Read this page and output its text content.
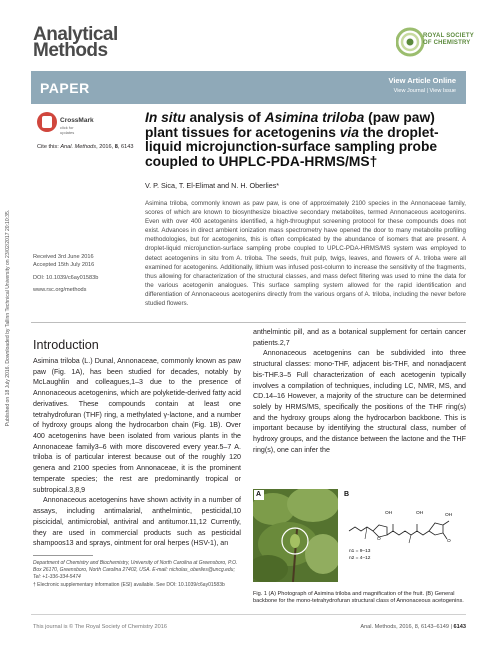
Analytical
Methods
ROYAL SOCIETY
OF CHEMISTRY
PAPER	View Article Online
View Journal | View Issue
CrossMark
click for updates
Cite this: Anal. Methods, 2016, 8, 6143
In situ analysis of Asimina triloba (paw paw) plant tissues for acetogenins via the droplet-liquid microjunction-surface sampling probe coupled to UHPLC-PDA-HRMS/MS†
V. P. Sica, T. El-Elimat and N. H. Oberlies*
Asimina triloba, commonly known as paw paw, is one of approximately 2100 species in the Annonaceae family, scores of which are known to biosynthesize bioactive secondary metabolites, termed Annonaceous acetogenins. Even with over 400 acetogenins identified, a high-throughput screening protocol for these compounds does not exist. Advances in direct ambient ionization mass spectrometry have opened the door to many metabolite profiling methodologies, but for acetogenins, this is often complicated by the abundance of isomers that are present. A droplet-liquid microjunction-surface sampling probe coupled to UPLC-PDA-HRMS/MS system was employed to detect acetogenins in situ from A. triloba. The seeds, fruit pulp, twigs, leaves, and flowers of A. triloba were all examined for acetogenins. Additionally, lithium was infused post-column to increase the sensitivity of the fragments, thus allowing for characterization of the structural classes, and mass defect filtering was used to mine the data for the various acetogenin analogues. This surface sampling system allowed for the rapid identification and differentiation of Annonaceous acetogenins directly from the various organs of A. triloba, including the never before studied flowers.
Received 3rd June 2016
Accepted 15th July 2016
DOI: 10.1039/c6ay01583b
www.rsc.org/methods
Published on 18 July 2016. Downloaded by Tallinn Technical University on 23/02/2017 20:10:35. Introduction

Asimina triloba (L.) Dunal, Annonaceae, commonly known as paw paw (Fig. 1A), has been studied for decades, notably by McLaughlin and colleagues,1–3 due to the presence of Annonaceous acetogenins, which are polyketide-derived fatty acid derivatives. These compounds contain at least one tetrahydrofuran (THF) ring, a methylated γ-lactone, and a number of hydroxy groups along the hydrocarbon chain (Fig. 1B). Over 400 acetogenins have been isolated from various plants in the Annonaceae family3–6 with more discovered every year.5–7 A. triloba is of particular interest because out of the roughly 120 genera and 2100 species from Annonaceae, it is the prominent temperate species; the rest are predominantly tropical or subtropical.3,8,9

Annonaceous acetogenins have shown activity in a number of assays, including antimalarial, anthelmintic, pesticidal,10 piscicidal, antimicrobial, antiviral and antitumor.11,12 Currently, they are used in commercial products such as pesticidal shampoos13 and sprays, ointment for oral herpes (HSV-1), an

anthelmintic pill, and as a botanical supplement for certain cancer patients.2,7

Annonaceous acetogenins can be subdivided into three structural classes: mono-THF, adjacent bis-THF, and nonadjacent bis-THF.3–5 Full characterization of each acetogenin typically involves a compilation of techniques, including LC, NMR, MS, and CD.14–16 However, a majority of the structure can be determined solely by HRMS/MS, specifically the positions of the THF ring(s) and the hydroxy groups along the hydrocarbon backbone. This is important because by identifying the structural class, number of hydroxy groups, and the distance between the lactone and the THF ring(s), one can infer the

Department of Chemistry and Biochemistry, University of North Carolina at Greensboro, P.O. Box 26170, Greensboro, North Carolina 27402, USA. E-mail: nicholas_oberlies@uncg.edu; Tel: +1-336-334-5474
† Electronic supplementary information (ESI) available. See DOI: 10.1039/c6ay01583b
A	B
OH	OH	OH
O	O
n1 = 9–13
n2 = 4–12
Fig. 1 (A) Photograph of Asimina triloba and magnification of the fruit. (B) General backbone for the mono-tetrahydrofuran structural class of Annonaceous acetogenins.
This journal is © The Royal Society of Chemistry 2016	Anal. Methods, 2016, 8, 6143–6149 | 6143
